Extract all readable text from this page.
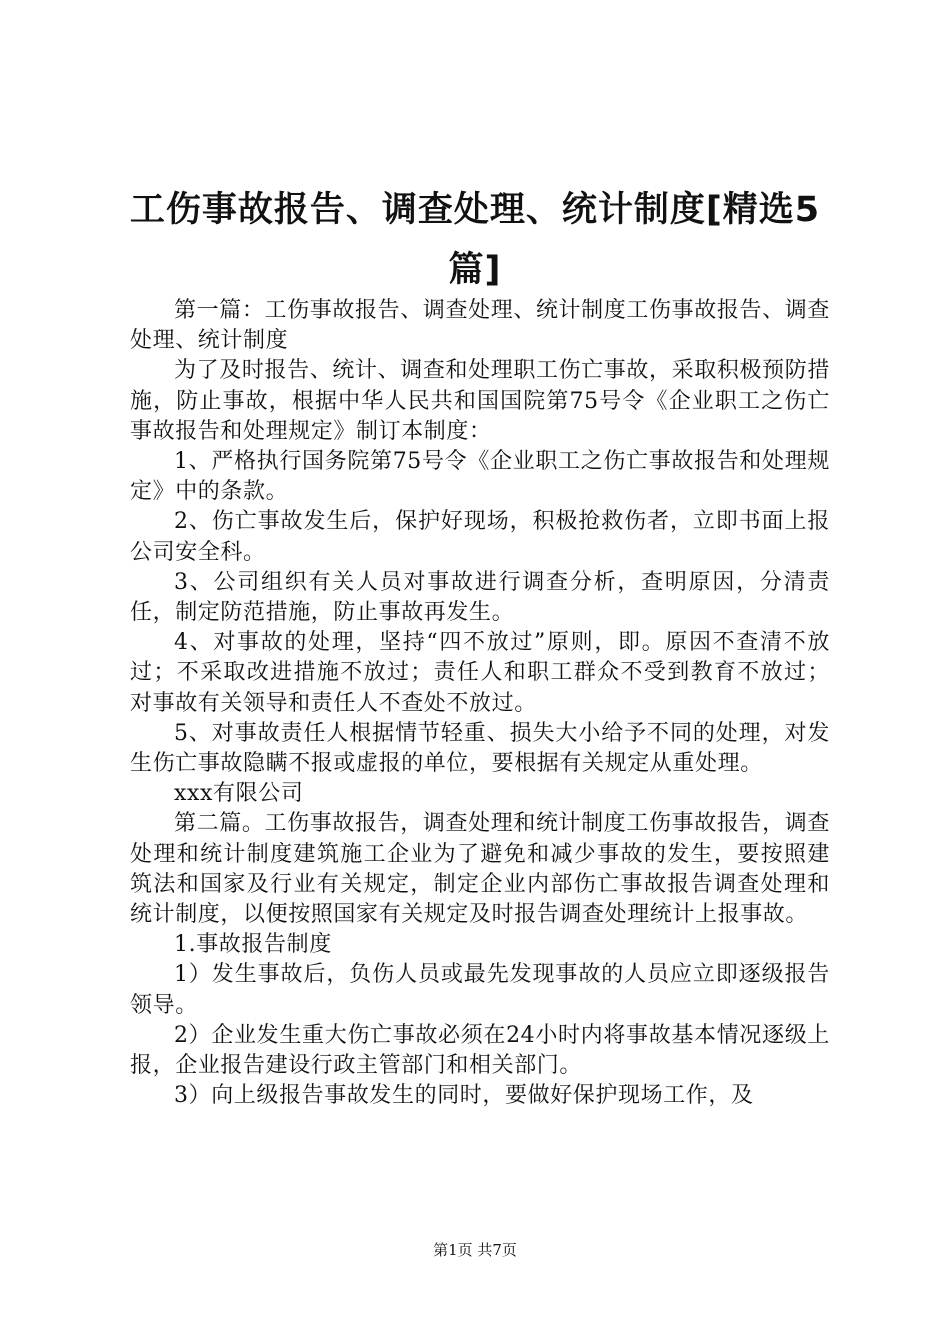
工伤事故报告、调查处理、统计制度[精选5篇]

第一篇：工伤事故报告、调查处理、统计制度工伤事故报告、调查处理、统计制度

为了及时报告、统计、调查和处理职工伤亡事故，采取积极预防措施，防止事故，根据中华人民共和国国院第75号令《企业职工之伤亡事故报告和处理规定》制订本制度：

1、严格执行国务院第75号令《企业职工之伤亡事故报告和处理规定》中的条款。

2、伤亡事故发生后，保护好现场，积极抢救伤者，立即书面上报公司安全科。

3、公司组织有关人员对事故进行调查分析，查明原因，分清责任，制定防范措施，防止事故再发生。

4、对事故的处理，坚持“四不放过”原则，即。原因不查清不放过；不采取改进措施不放过；责任人和职工群众不受到教育不放过；对事故有关领导和责任人不查处不放过。

5、对事故责任人根据情节轻重、损失大小给予不同的处理，对发生伤亡事故隐瞒不报或虚报的单位，要根据有关规定从重处理。

xxx有限公司

第二篇。工伤事故报告，调查处理和统计制度工伤事故报告，调查处理和统计制度建筑施工企业为了避免和减少事故的发生，要按照建筑法和国家及行业有关规定，制定企业内部伤亡事故报告调查处理和统计制度，以便按照国家有关规定及时报告调查处理统计上报事故。

1.事故报告制度

1）发生事故后，负伤人员或最先发现事故的人员应立即逐级报告领导。

2）企业发生重大伤亡事故必须在24小时内将事故基本情况逐级上报，企业报告建设行政主管部门和相关部门。

3）向上级报告事故发生的同时，要做好保护现场工作，及

第1页 共7页
